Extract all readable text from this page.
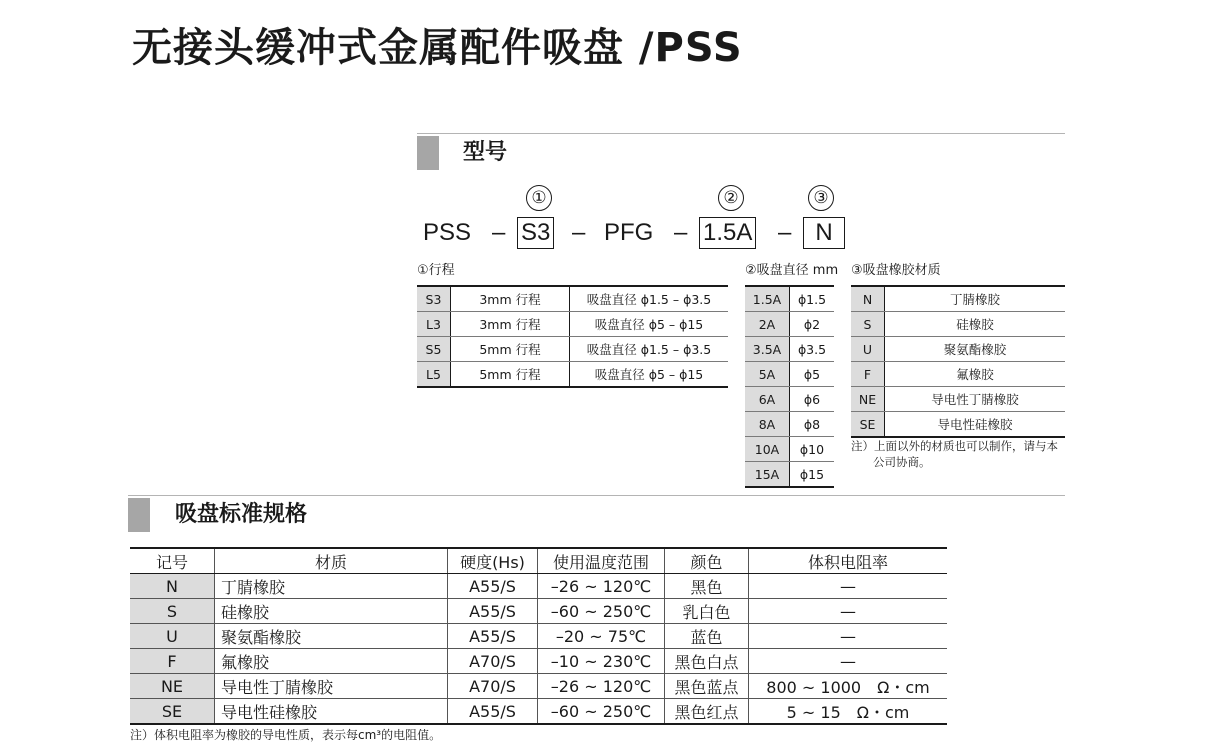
无接头缓冲式金属配件吸盘 /PSS
型号
①	②	③
PSS – S3 – PFG – 1.5A – N
①行程
S3	3mm 行程	吸盘直径 ϕ1.5 – ϕ3.5
L3	3mm 行程	吸盘直径 ϕ5 – ϕ15
S5	5mm 行程	吸盘直径 ϕ1.5 – ϕ3.5
L5	5mm 行程	吸盘直径 ϕ5 – ϕ15
②吸盘直径 mm
1.5A	ϕ1.5
2A	ϕ2
3.5A	ϕ3.5
5A	ϕ5
6A	ϕ6
8A	ϕ8
10A	ϕ10
15A	ϕ15
③吸盘橡胶材质
N	丁腈橡胶
S	硅橡胶
U	聚氨酯橡胶
F	氟橡胶
NE	导电性丁腈橡胶
SE	导电性硅橡胶
注）上面以外的材质也可以制作，请与本
公司协商。
吸盘标准规格
记号	材质	硬度(Hs)	使用温度范围	颜色	体积电阻率
N	丁腈橡胶	A55/S	–26 ~ 120℃	黑色	—
S	硅橡胶	A55/S	–60 ~ 250℃	乳白色	—
U	聚氨酯橡胶	A55/S	–20 ~ 75℃	蓝色	—
F	氟橡胶	A70/S	–10 ~ 230℃	黑色白点	—
NE	导电性丁腈橡胶	A70/S	–26 ~ 120℃	黑色蓝点	800 ~ 1000　Ω・cm
SE	导电性硅橡胶	A55/S	–60 ~ 250℃	黑色红点	5 ~ 15　Ω・cm
注）体积电阻率为橡胶的导电性质，表示每cm³的电阻值。
